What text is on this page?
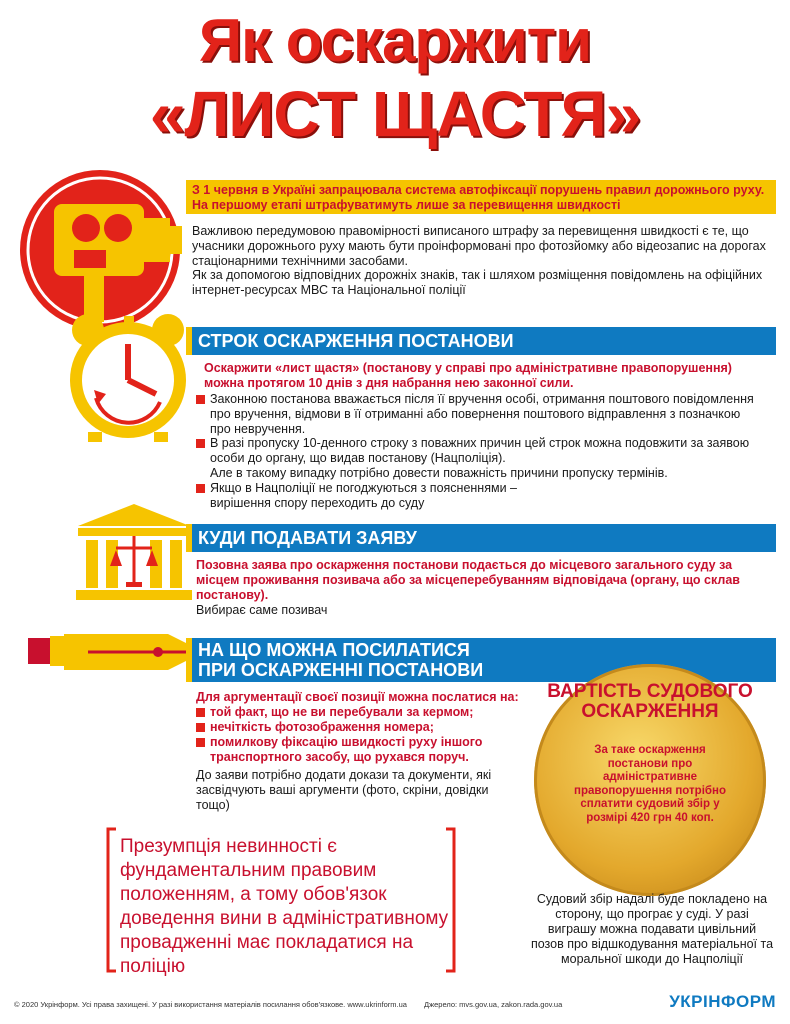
Як оскаржити
«ЛИСТ ЩАСТЯ»
З 1 червня в Україні запрацювала система автофіксації порушень правил дорожнього руху. На першому етапі штрафуватимуть лише за перевищення швидкості
Важливою передумовою правомірності виписаного штрафу за перевищення швидкості є те, що учасники дорожнього руху мають бути проінформовані про фотозйомку або відеозапис на дорогах стаціонарними технічними засобами.
Як за допомогою відповідних дорожніх знаків, так і шляхом розміщення повідомлень на офіційних інтернет-ресурсах МВС та Національної поліції
СТРОК ОСКАРЖЕННЯ ПОСТАНОВИ
Оскаржити «лист щастя» (постанову у справі про адміністративне правопорушення) можна протягом 10 днів з дня набрання нею законної сили.
Законною постанова вважається після її вручення особі, отримання поштового повідомлення про вручення, відмови в її отриманні або повернення поштового відправлення з позначкою про невручення.
В разі пропуску 10-денного строку з поважних причин цей строк можна подовжити за заявою особи до органу, що видав постанову (Нацполіція).
Але в такому випадку потрібно довести поважність причини пропуску термінів.
Якщо в Нацполіції не погоджуються з поясненнями – вирішення спору переходить до суду
КУДИ ПОДАВАТИ ЗАЯВУ
Позовна заява про оскарження постанови подається до місцевого загального суду за місцем проживання позивача або за місцеперебуванням відповідача (органу, що склав постанову).
Вибирає саме позивач
НА ЩО МОЖНА ПОСИЛАТИСЯ
ПРИ ОСКАРЖЕННІ ПОСТАНОВИ
Для аргументації своєї позиції можна послатися на:
той факт, що не ви перебували за кермом;
нечіткість фотозображення номера;
помилкову фіксацію швидкості руху іншого транспортного засобу, що рухався поруч.
До заяви потрібно додати докази та документи, які засвідчують ваші аргументи (фото, скріни, довідки тощо)
ВАРТІСТЬ СУДОВОГО ОСКАРЖЕННЯ
За таке оскарження постанови про адміністративне правопорушення потрібно сплатити судовий збір у розмірі 420 грн 40 коп.
Презумпція невинності є фундаментальним правовим положенням, а тому обов'язок доведення вини в адміністративному провадженні має покладатися на поліцію
Судовий збір надалі буде покладено на сторону, що програє у суді. У разі виграшу можна подавати цивільний позов про відшкодування матеріальної та моральної шкоди до Нацполіції
© 2020 Укрінформ. Усі права захищені. У разі використання матеріалів посилання обов'язкове. www.ukrinform.ua Джерело: mvs.gov.ua, zakon.rada.gov.ua	УКРІНФОРМ
